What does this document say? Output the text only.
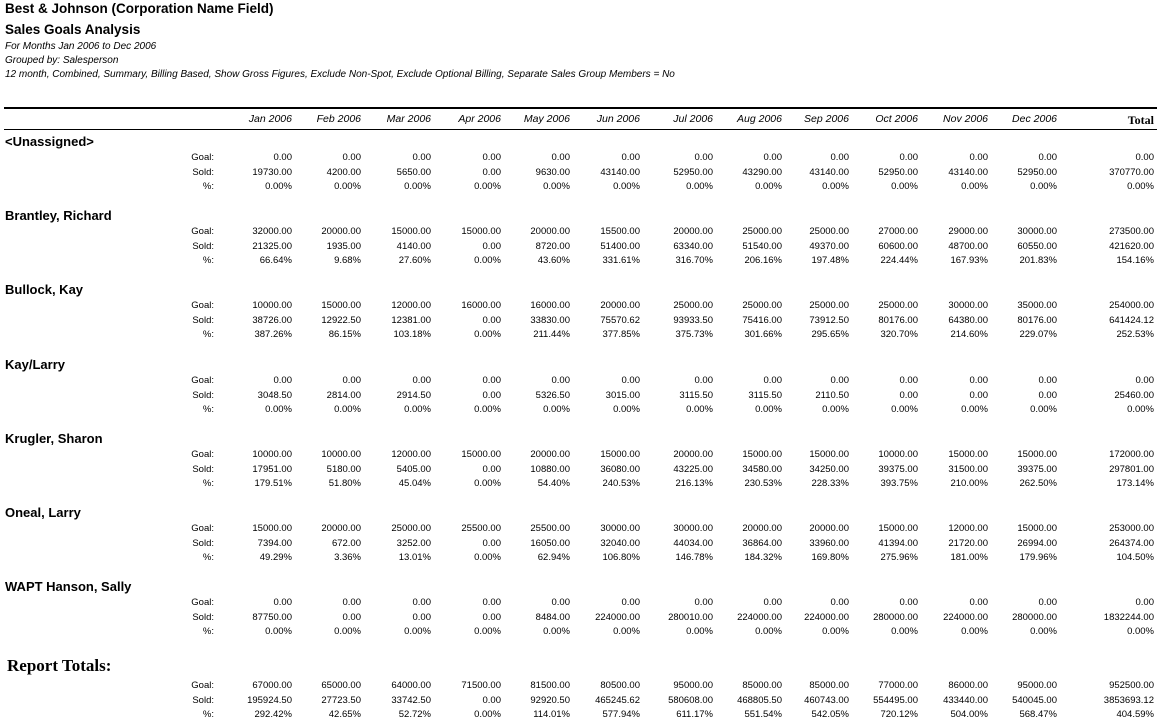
Best & Johnson (Corporation Name Field)
Sales Goals Analysis
For Months Jan 2006 to Dec 2006
Grouped by: Salesperson
12 month, Combined, Summary, Billing Based, Show Gross Figures, Exclude Non-Spot, Exclude Optional Billing, Separate Sales Group Members = No
Jan 2006	Feb 2006	Mar 2006	Apr 2006	May 2006	Jun 2006	Jul 2006	Aug 2006	Sep 2006	Oct 2006	Nov 2006	Dec 2006	Total
<Unassigned>
Goal:	0.00	0.00	0.00	0.00	0.00	0.00	0.00	0.00	0.00	0.00	0.00	0.00	0.00
Sold:	19730.00	4200.00	5650.00	0.00	9630.00	43140.00	52950.00	43290.00	43140.00	52950.00	43140.00	52950.00	370770.00
%:	0.00%	0.00%	0.00%	0.00%	0.00%	0.00%	0.00%	0.00%	0.00%	0.00%	0.00%	0.00%	0.00%
Brantley, Richard
Goal:	32000.00	20000.00	15000.00	15000.00	20000.00	15500.00	20000.00	25000.00	25000.00	27000.00	29000.00	30000.00	273500.00
Sold:	21325.00	1935.00	4140.00	0.00	8720.00	51400.00	63340.00	51540.00	49370.00	60600.00	48700.00	60550.00	421620.00
%:	66.64%	9.68%	27.60%	0.00%	43.60%	331.61%	316.70%	206.16%	197.48%	224.44%	167.93%	201.83%	154.16%
Bullock, Kay
Goal:	10000.00	15000.00	12000.00	16000.00	16000.00	20000.00	25000.00	25000.00	25000.00	25000.00	30000.00	35000.00	254000.00
Sold:	38726.00	12922.50	12381.00	0.00	33830.00	75570.62	93933.50	75416.00	73912.50	80176.00	64380.00	80176.00	641424.12
%:	387.26%	86.15%	103.18%	0.00%	211.44%	377.85%	375.73%	301.66%	295.65%	320.70%	214.60%	229.07%	252.53%
Kay/Larry
Goal:	0.00	0.00	0.00	0.00	0.00	0.00	0.00	0.00	0.00	0.00	0.00	0.00	0.00
Sold:	3048.50	2814.00	2914.50	0.00	5326.50	3015.00	3115.50	3115.50	2110.50	0.00	0.00	0.00	25460.00
%:	0.00%	0.00%	0.00%	0.00%	0.00%	0.00%	0.00%	0.00%	0.00%	0.00%	0.00%	0.00%	0.00%
Krugler, Sharon
Goal:	10000.00	10000.00	12000.00	15000.00	20000.00	15000.00	20000.00	15000.00	15000.00	10000.00	15000.00	15000.00	172000.00
Sold:	17951.00	5180.00	5405.00	0.00	10880.00	36080.00	43225.00	34580.00	34250.00	39375.00	31500.00	39375.00	297801.00
%:	179.51%	51.80%	45.04%	0.00%	54.40%	240.53%	216.13%	230.53%	228.33%	393.75%	210.00%	262.50%	173.14%
Oneal, Larry
Goal:	15000.00	20000.00	25000.00	25500.00	25500.00	30000.00	30000.00	20000.00	20000.00	15000.00	12000.00	15000.00	253000.00
Sold:	7394.00	672.00	3252.00	0.00	16050.00	32040.00	44034.00	36864.00	33960.00	41394.00	21720.00	26994.00	264374.00
%:	49.29%	3.36%	13.01%	0.00%	62.94%	106.80%	146.78%	184.32%	169.80%	275.96%	181.00%	179.96%	104.50%
WAPT Hanson, Sally
Goal:	0.00	0.00	0.00	0.00	0.00	0.00	0.00	0.00	0.00	0.00	0.00	0.00	0.00
Sold:	87750.00	0.00	0.00	0.00	8484.00	224000.00	280010.00	224000.00	224000.00	280000.00	224000.00	280000.00	1832244.00
%:	0.00%	0.00%	0.00%	0.00%	0.00%	0.00%	0.00%	0.00%	0.00%	0.00%	0.00%	0.00%	0.00%
Report Totals:
Goal:	67000.00	65000.00	64000.00	71500.00	81500.00	80500.00	95000.00	85000.00	85000.00	77000.00	86000.00	95000.00	952500.00
Sold:	195924.50	27723.50	33742.50	0.00	92920.50	465245.62	580608.00	468805.50	460743.00	554495.00	433440.00	540045.00	3853693.12
%:	292.42%	42.65%	52.72%	0.00%	114.01%	577.94%	611.17%	551.54%	542.05%	720.12%	504.00%	568.47%	404.59%
